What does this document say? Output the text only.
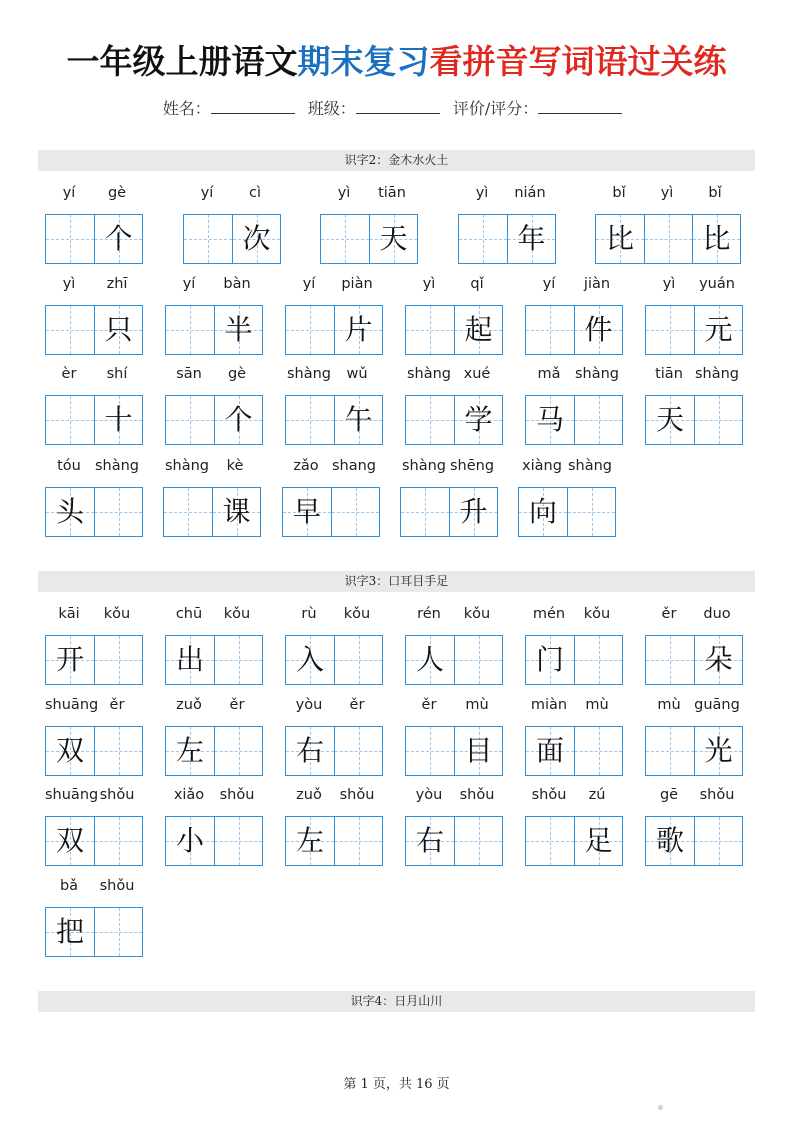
一年级上册语文期末复习看拼音写词语过关练
姓名：	班级：	评价/评分：
识字2：金木水火土
yí	gè
个
yí	cì
次
yì	tiān
天
yì	nián
年
bǐ	yì	bǐ
比	比
yì	zhī
只
yí	bàn
半
yí	piàn
片
yì	qǐ
起
yí	jiàn
件
yì	yuán
元
èr	shí
十
sān	gè
个
shàng	wǔ
午
shàng xué
学
mǎ shàng
马
tiān shàng
天
tóu shàng
头
shàng	kè
课
zǎo shang
早
shàng shēng
升
xiàng shàng
向
识字3：口耳目手足
kāi	kǒu
开
chū	kǒu
出
rù	kǒu
入
rén	kǒu
人
mén	kǒu
门
ěr	duo
朵
shuāng ěr
双
zuǒ	ěr
左
yòu	ěr
右
ěr	mù
目
miàn	mù
面
mù guāng
光
shuāng shǒu
双
xiǎo	shǒu
小
zuǒ	shǒu
左
yòu	shǒu
右
shǒu	zú
足
gē	shǒu
歌
bǎ	shǒu
把
识字4：日月山川
第 1 页，共 16 页
